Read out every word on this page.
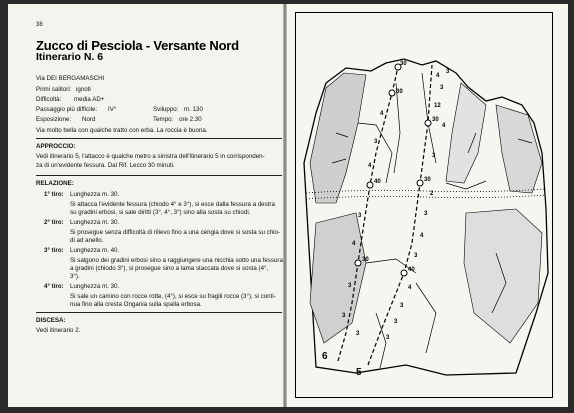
38
Zucco di Pesciola - Versante Nord
Itinerario N. 6
Via DEI BERGAMASCHI
Primi salitori: ignoti
Difficoltà: media AD+
Passaggio più difficile: IV°	Sviluppo: m. 130
Esposizione: Nord	Tempo: ore 2.30
Via molto bella con qualche tratto con erba. La roccia è buona.
APPROCCIO:
Vedi itinerario 5, l'attacco è qualche metro a sinistra dell'itinerario 5 in corrisponden-
za di un'evidente fessura. Dal Rif. Lecco 30 minuti.
RELAZIONE:
1° tiro: Lunghezza m. 30.
Si attacca l'evidente fessura (chiodo 4° e 3°), si esce dalla fessura a destra
su gradini erbosi, si sale diritti (3°, 4°, 3°) sino alla sosta su chiodi.
2° tiro: Lunghezza m. 30.
Si prosegue senza difficoltà di rilievo fino a una cengia dove si sosta su chio-
di ad anello.
3° tiro: Lunghezza m. 40.
Si salgono dei gradini erbosi sino a raggiungere una nicchia sotto una fessura
a gradini (chiodo 3°), si prosegue sino a lama staccata dove si sosta (4°,
3°).
4° tiro: Lunghezza m. 30.
Si sale un camino con rocce rotte, (4°), si esce su fragili rocce (3°), si conti-
nua fino alla cresta Ongania sulla spalla erbosa.
DISCESA:
Vedi itinerario 2.
30
40
30
30
40
30
30
3
3
4
3
4
3
4
12
2
3
4
3
3
4
3
4
3
3
3
3
3
4
5
6
